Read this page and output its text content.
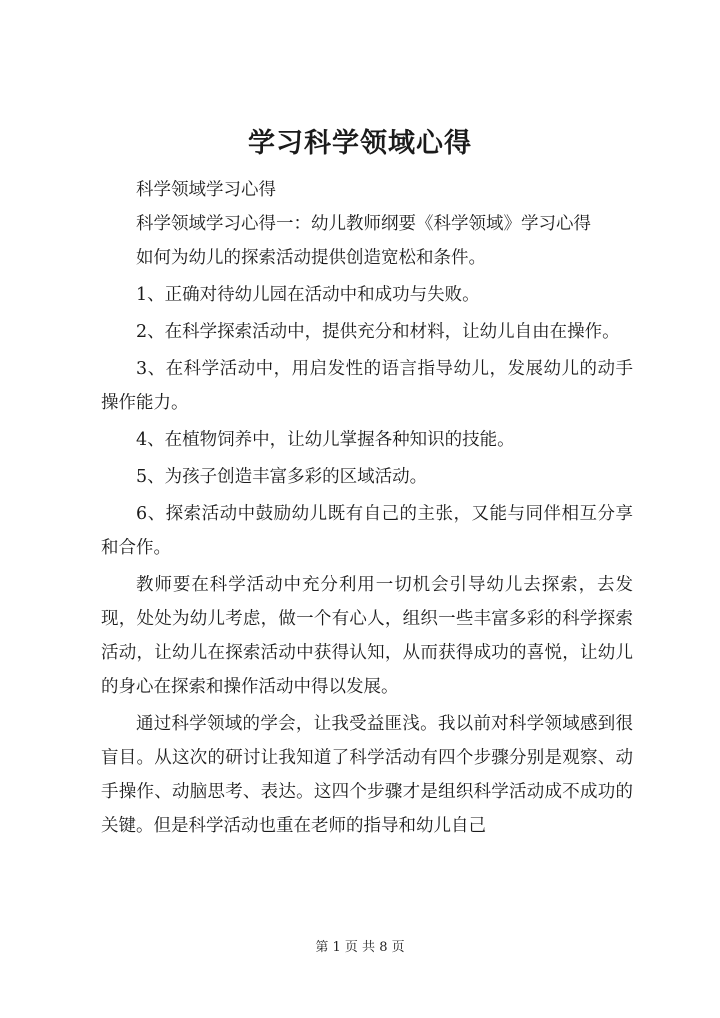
学习科学领域心得

科学领域学习心得

科学领域学习心得一：幼儿教师纲要《科学领域》学习心得

如何为幼儿的探索活动提供创造宽松和条件。

1、正确对待幼儿园在活动中和成功与失败。

2、在科学探索活动中，提供充分和材料，让幼儿自由在操作。

3、在科学活动中，用启发性的语言指导幼儿，发展幼儿的动手操作能力。

4、在植物饲养中，让幼儿掌握各种知识的技能。

5、为孩子创造丰富多彩的区域活动。

6、探索活动中鼓励幼儿既有自己的主张，又能与同伴相互分享和合作。

教师要在科学活动中充分利用一切机会引导幼儿去探索，去发现，处处为幼儿考虑，做一个有心人，组织一些丰富多彩的科学探索活动，让幼儿在探索活动中获得认知，从而获得成功的喜悦，让幼儿的身心在探索和操作活动中得以发展。

通过科学领域的学会，让我受益匪浅。我以前对科学领域感到很盲目。从这次的研讨让我知道了科学活动有四个步骤分别是观察、动手操作、动脑思考、表达。这四个步骤才是组织科学活动成不成功的关键。但是科学活动也重在老师的指导和幼儿自己

第 1 页 共 8 页
